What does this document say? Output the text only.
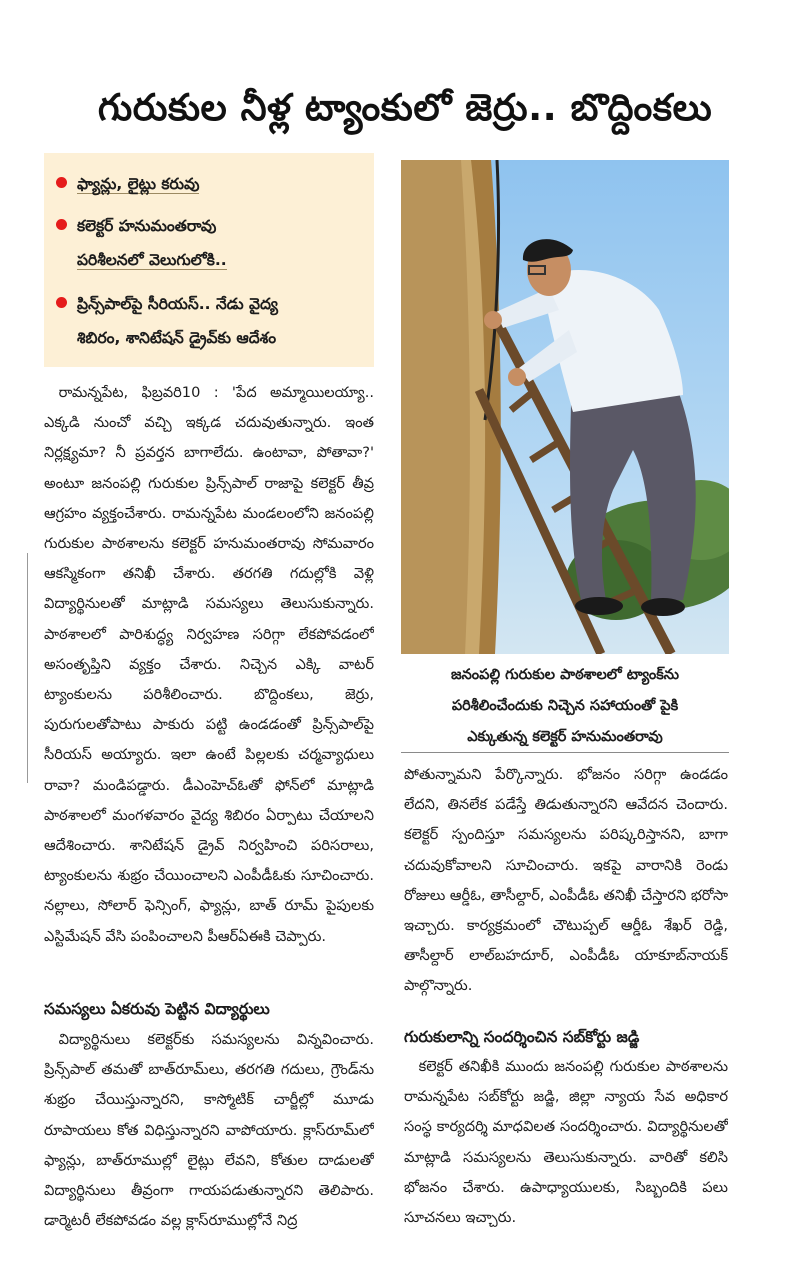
గురుకుల నీళ్ల ట్యాంకులో జెర్రు.. బొద్దింకలు
ఫ్యాన్లు, లైట్లు కరువు
కలెక్టర్ హనుమంతరావు
పరిశీలనలో వెలుగులోకి..
ప్రిన్స్‌పాల్‌పై సీరియస్.. నేడు వైద్య
శిబిరం, శానిటేషన్ డ్రైవ్‌కు ఆదేశం
జనంపల్లి గురుకుల పాఠశాలలో ట్యాంక్‌ను
పరిశీలించేందుకు నిచ్చెన సహాయంతో పైకి
ఎక్కుతున్న కలెక్టర్ హనుమంతరావు

రామన్నపేట, ఫిబ్రవరి10 : 'పేద అమ్మాయిలయ్యా.. ఎక్కడి నుంచో వచ్చి ఇక్కడ చదువుతున్నారు. ఇంత నిర్లక్ష్యమా? నీ ప్రవర్తన బాగాలేదు. ఉంటావా, పోతావా?' అంటూ జనంపల్లి గురుకుల ప్రిన్స్‌పాల్ రాజాపై కలెక్టర్ తీవ్ర ఆగ్రహం వ్యక్తంచేశారు. రామన్నపేట మండలంలోని జనంపల్లి గురుకుల పాఠశాలను కలెక్టర్ హనుమంతరావు సోమవారం ఆకస్మికంగా తనిఖీ చేశారు. తరగతి గదుల్లోకి వెళ్లి విద్యార్థినులతో మాట్లాడి సమస్యలు తెలుసుకున్నారు. పాఠశాలలో పారిశుద్ధ్య నిర్వహణ సరిగ్గా లేకపోవడంలో అసంతృప్తిని వ్యక్తం చేశారు. నిచ్చెన ఎక్కి వాటర్ ట్యాంకులను పరిశీలించారు. బొద్దింకలు, జెర్రు, పురుగులతోపాటు పాకురు పట్టి ఉండడంతో ప్రిన్స్‌పాల్‌పై సీరియస్ అయ్యారు. ఇలా ఉంటే పిల్లలకు చర్మవ్యాధులు రావా? మండిపడ్డారు. డీఎంహెచ్‌ఓతో ఫోన్‌లో మాట్లాడి పాఠశాలలో మంగళవారం వైద్య శిబిరం ఏర్పాటు చేయాలని ఆదేశించారు. శానిటేషన్ డ్రైవ్ నిర్వహించి పరిసరాలు, ట్యాంకులను శుభ్రం చేయించాలని ఎంపీడీఓకు సూచించారు. నల్లాలు, సోలార్ ఫెన్సింగ్, ఫ్యాన్లు, బాత్ రూమ్ పైపులకు ఎస్టిమేషన్ వేసి పంపించాలని పీఆర్ఏఈకి చెప్పారు.

సమస్యలు ఏకరువు పెట్టిన విద్యార్థులు

విద్యార్థినులు కలెక్టర్‌కు సమస్యలను విన్నవించారు. ప్రిన్స్‌పాల్ తమతో బాత్‌రూమ్‌లు, తరగతి గదులు, గ్రౌండ్‌ను శుభ్రం చేయిస్తున్నారని, కాస్మోటిక్ చార్జీల్లో మూడు రూపాయలు కోత విధిస్తున్నారని వాపోయారు. క్లాస్‌రూమ్‌లో ఫ్యాన్లు, బాత్‌రూముల్లో లైట్లు లేవని, కోతుల దాడులతో విద్యార్థినులు తీవ్రంగా గాయపడుతున్నారని తెలిపారు. డార్మెటరీ లేకపోవడం వల్ల క్లాస్‌రూముల్లోనే నిద్ర

పోతున్నామని పేర్కొన్నారు. భోజనం సరిగ్గా ఉండడం లేదని, తినలేక పడేస్తే తిడుతున్నారని ఆవేదన చెందారు. కలెక్టర్ స్పందిస్తూ సమస్యలను పరిష్కరిస్తానని, బాగా చదువుకోవాలని సూచించారు. ఇకపై వారానికి రెండు రోజులు ఆర్డీఓ, తాసీల్దార్, ఎంపీడీఓ తనిఖీ చేస్తారని భరోసా ఇచ్చారు. కార్యక్రమంలో చౌటుప్పల్ ఆర్డీఓ శేఖర్ రెడ్డి, తాసీల్దార్ లాల్‌బహదూర్, ఎంపీడీఓ యాకూబ్‌నాయక్ పాల్గొన్నారు.

గురుకులాన్ని సందర్శించిన సబ్‌కోర్టు జడ్జి

కలెక్టర్ తనిఖీకి ముందు జనంపల్లి గురుకుల పాఠశాలను రామన్నపేట సబ్‌కోర్టు జడ్జి, జిల్లా న్యాయ సేవ అధికార సంస్థ కార్యదర్శి మాధవిలత సందర్శించారు. విద్యార్థినులతో మాట్లాడి సమస్యలను తెలుసుకున్నారు. వారితో కలిసి భోజనం చేశారు. ఉపాధ్యాయులకు, సిబ్బందికి పలు సూచనలు ఇచ్చారు.
